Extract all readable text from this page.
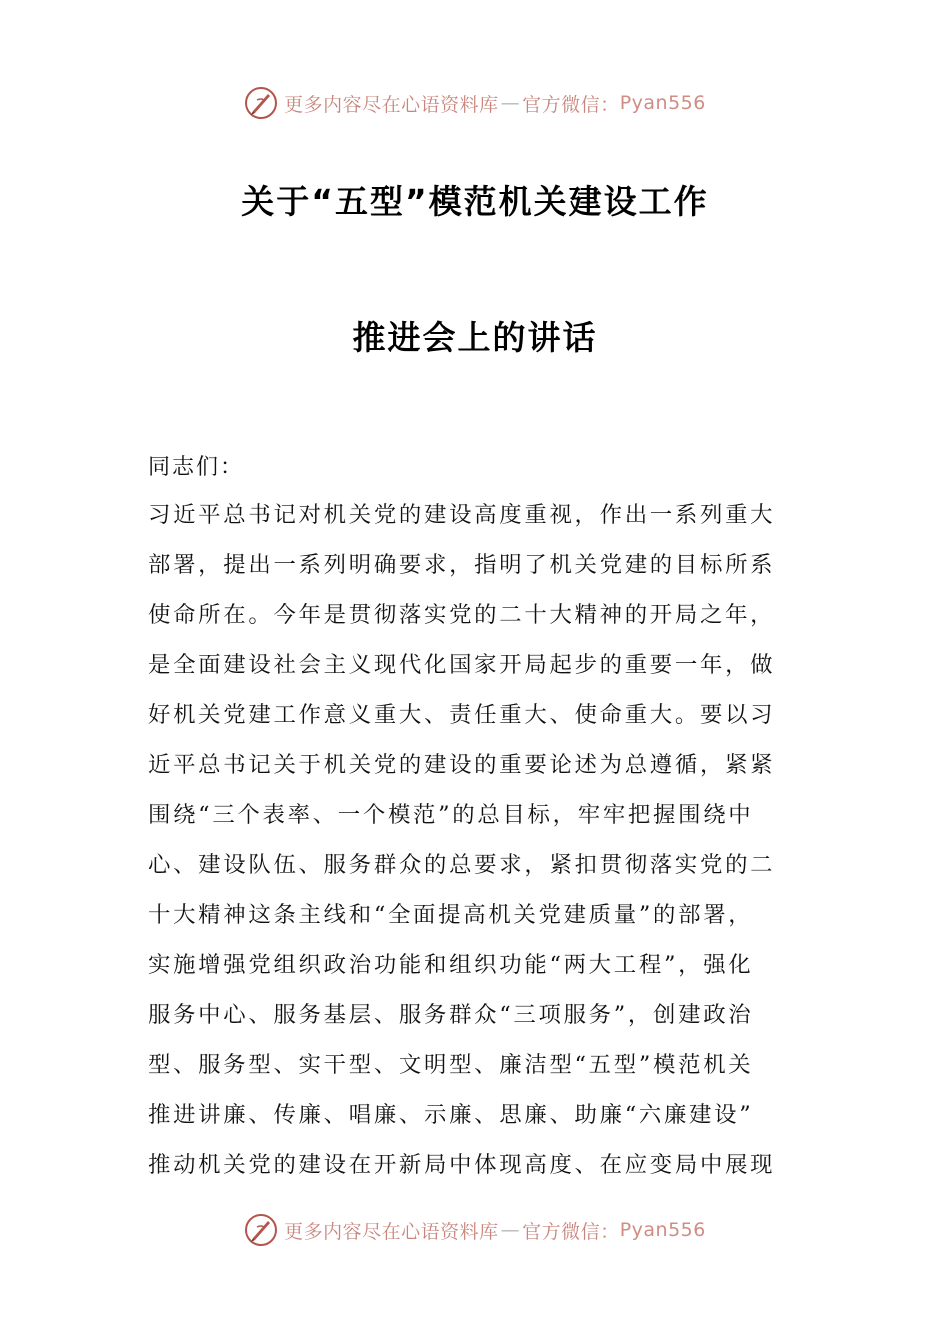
更多内容尽在心语资料库 — 官方微信： Pyan556
关于“五型”模范机关建设工作
推进会上的讲话
同志们：
习近平总书记对机关党的建设高度重视，作出一系列重大
部署，提出一系列明确要求，指明了机关党建的目标所系
使命所在。今年是贯彻落实党的二十大精神的开局之年，
是全面建设社会主义现代化国家开局起步的重要一年，做
好机关党建工作意义重大、责任重大、使命重大。要以习
近平总书记关于机关党的建设的重要论述为总遵循，紧紧
围绕“三个表率、一个模范”的总目标，牢牢把握围绕中
心、建设队伍、服务群众的总要求，紧扣贯彻落实党的二
十大精神这条主线和“全面提高机关党建质量”的部署，
实施增强党组织政治功能和组织功能“两大工程”，强化
服务中心、服务基层、服务群众“三项服务”，创建政治
型、服务型、实干型、文明型、廉洁型“五型”模范机关
推进讲廉、传廉、唱廉、示廉、思廉、助廉“六廉建设”
推动机关党的建设在开新局中体现高度、在应变局中展现
更多内容尽在心语资料库 — 官方微信： Pyan556
